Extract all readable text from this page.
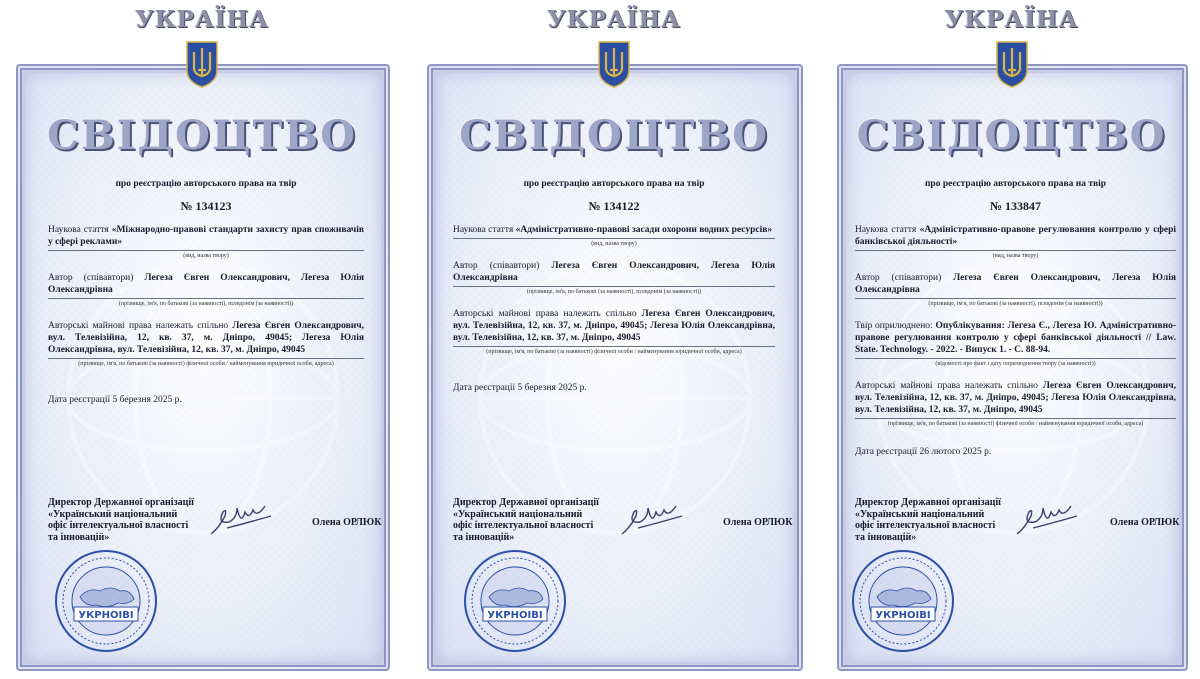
УКРАЇНА
СВІДОЦТВО
про реєстрацію авторського права на твір
№ 134123
Наукова стаття «Міжнародно-правові стандарти захисту прав споживачів у сфері реклами»
(вид, назва твору)
Автор (співавтори) Легеза Євген Олександрович, Легеза Юлія Олександрівна
(прізвище, ім'я, по батькові (за наявності), псевдонім (за наявності))
Авторські майнові права належать спільно Легеза Євген Олександрович, вул. Телевізійна, 12, кв. 37, м. Дніпро, 49045; Легеза Юлія Олександрівна, вул. Телевізійна, 12, кв. 37, м. Дніпро, 49045
(прізвище, ім'я, по батькові (за наявності) фізичної особи / найменування юридичної особи, адреса)
Дата реєстрації 5 березня 2025 р.
Директор Державної організації
«Український національний
офіс інтелектуальної власності
та інновацій»
Олена ОРЛЮК
УКРНОІВІ
УКРАЇНА
СВІДОЦТВО
про реєстрацію авторського права на твір
№ 134122
Наукова стаття «Адміністративно-правові засади охорони водних ресурсів»
(вид, назва твору)
Автор (співавтори) Легеза Євген Олександрович, Легеза Юлія Олександрівна
(прізвище, ім'я, по батькові (за наявності), псевдонім (за наявності))
Авторські майнові права належать спільно Легеза Євген Олександрович, вул. Телевізійна, 12, кв. 37, м. Дніпро, 49045; Легеза Юлія Олександрівна, вул. Телевізійна, 12, кв. 37, м. Дніпро, 49045
(прізвище, ім'я, по батькові (за наявності) фізичної особи / найменування юридичної особи, адреса)
Дата реєстрації 5 березня 2025 р.
Директор Державної організації
«Український національний
офіс інтелектуальної власності
та інновацій»
Олена ОРЛЮК
УКРНОІВІ
УКРАЇНА
СВІДОЦТВО
про реєстрацію авторського права на твір
№ 133847
Наукова стаття «Адміністративно-правове регулювання контролю у сфері банківської діяльності»
(вид, назва твору)
Автор (співавтори) Легеза Євген Олександрович, Легеза Юлія Олександрівна
(прізвище, ім'я, по батькові (за наявності), псевдонім (за наявності))
Твір оприлюднено: Опублікування: Легеза Є., Легеза Ю. Адміністративно-правове регулювання контролю у сфері банківської діяльності // Law. State. Technology. - 2022. - Випуск 1. - С. 88-94.
(відомості про факт і дату оприлюднення твору (за наявності))
Авторські майнові права належать спільно Легеза Євген Олександрович, вул. Телевізійна, 12, кв. 37, м. Дніпро, 49045; Легеза Юлія Олександрівна, вул. Телевізійна, 12, кв. 37, м. Дніпро, 49045
(прізвище, ім'я, по батькові (за наявності) фізичної особи / найменування юридичної особи, адреса)
Дата реєстрації 26 лютого 2025 р.
Директор Державної організації
«Український національний
офіс інтелектуальної власності
та інновацій»
Олена ОРЛЮК
УКРНОІВІ
